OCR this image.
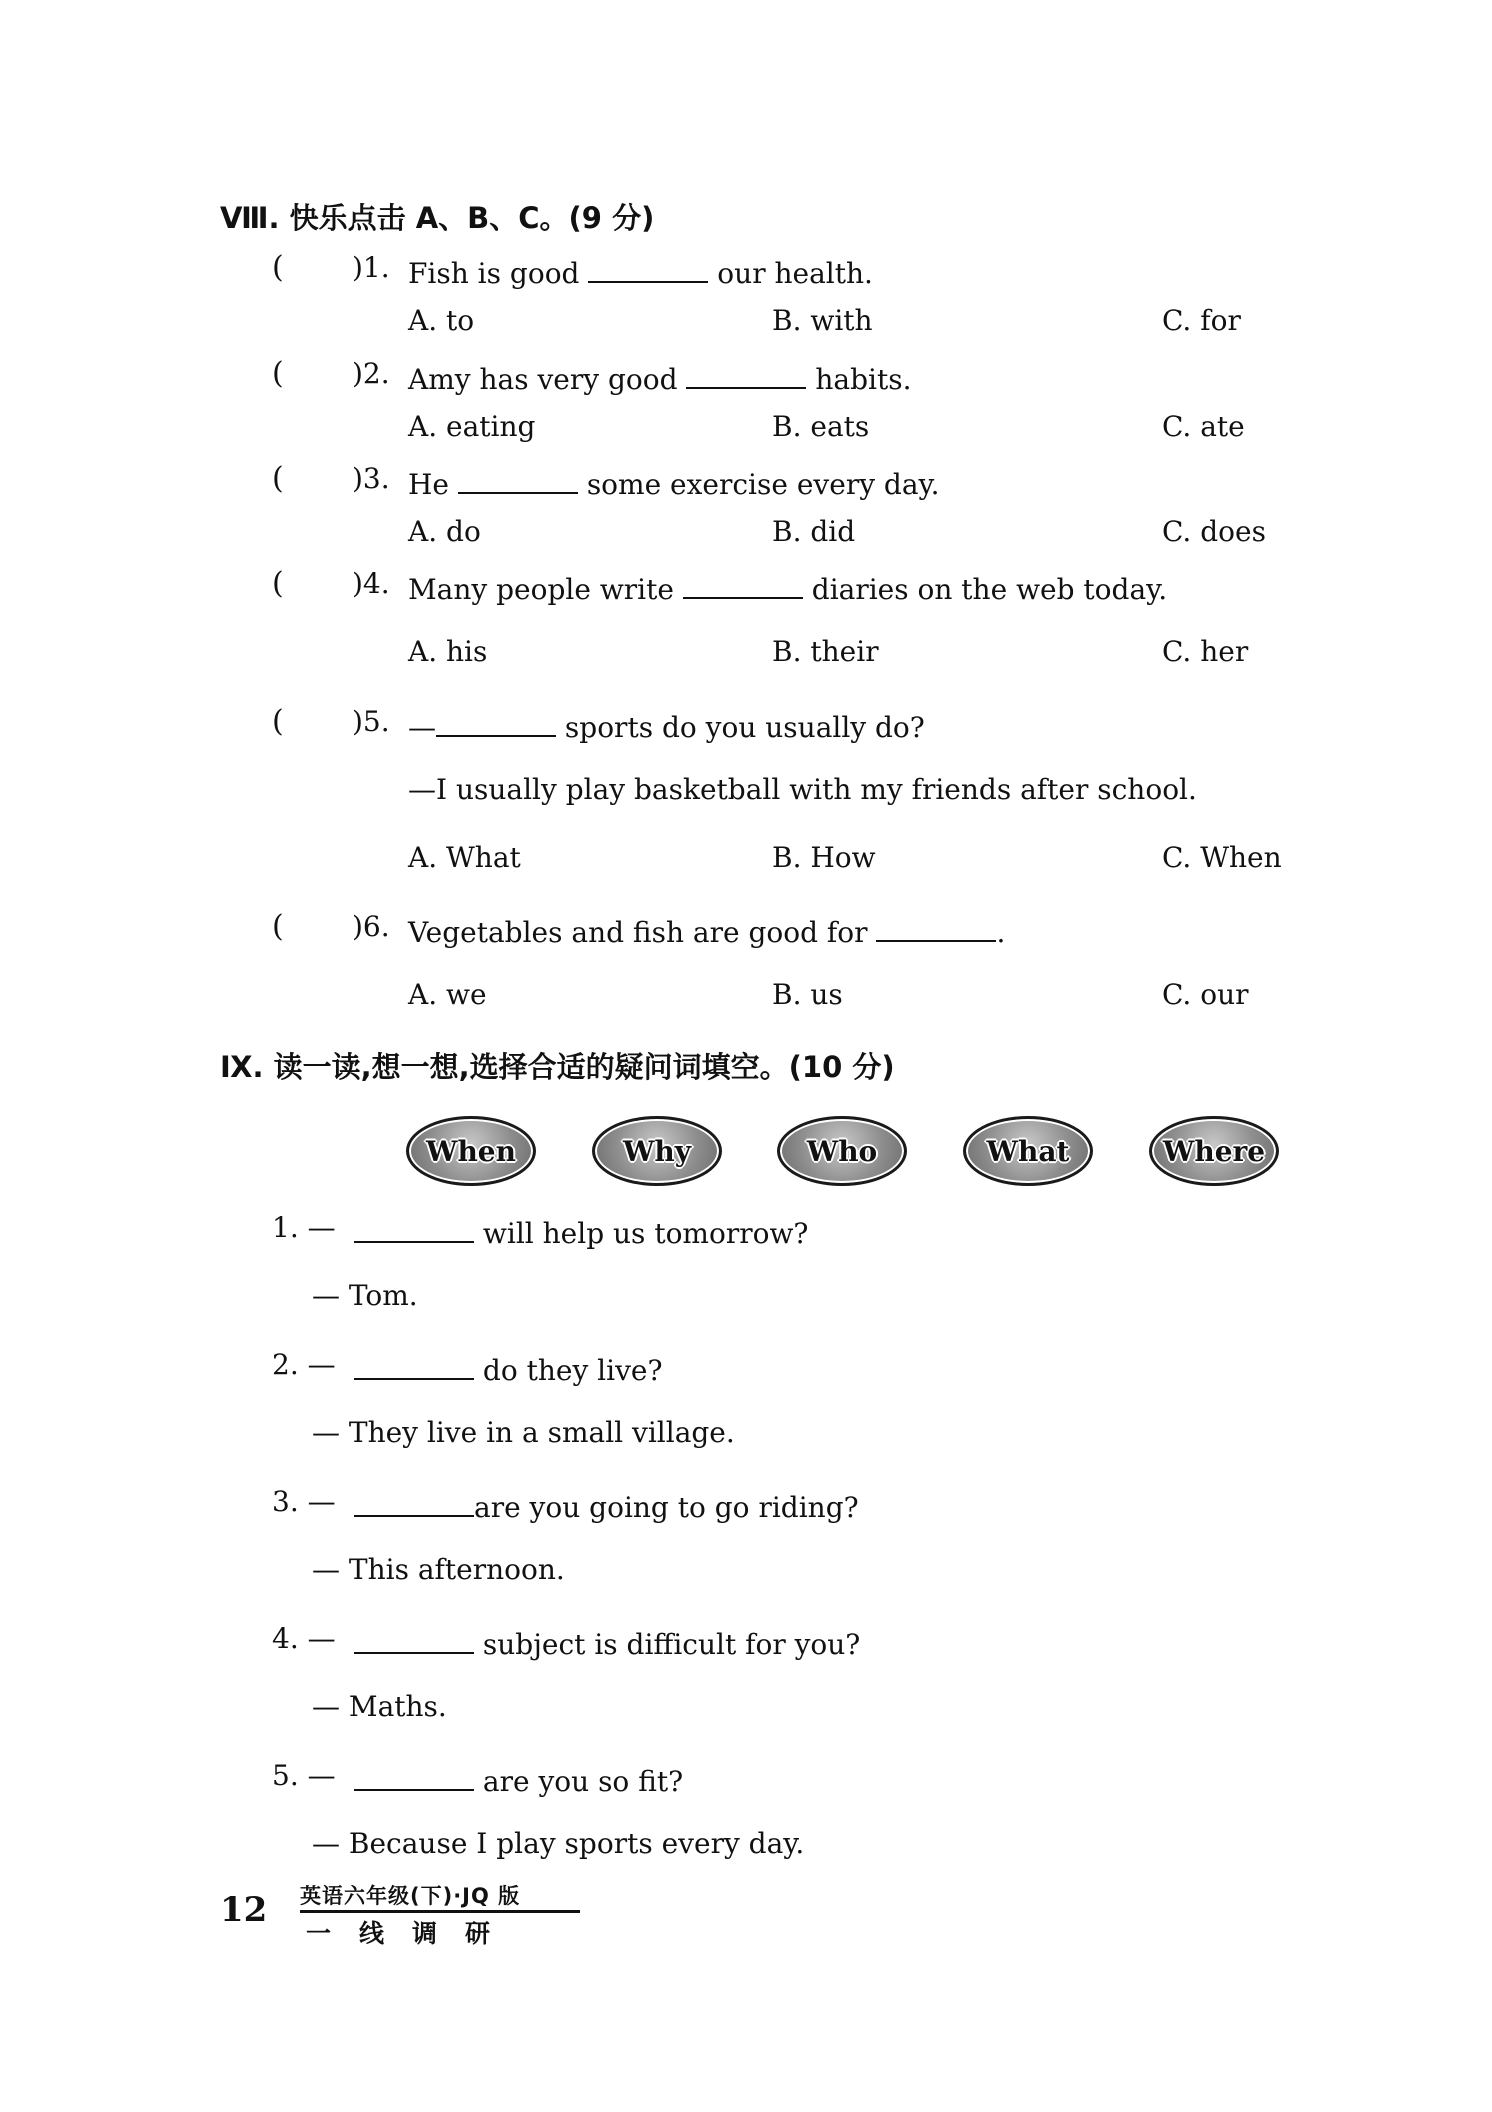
Ⅷ. 快乐点击 A、B、C。(9 分)
( )1. Fish is good	our health.
A. to	B. with	C. for
( )2. Amy has very good	habits.
A. eating	B. eats	C. ate
( )3. He	some exercise every day.
A. do	B. did	C. does
( )4. Many people write	diaries on the web today.
A. his	B. their	C. her
( )5. —	sports do you usually do?
—I usually play basketball with my friends after school.
A. What	B. How	C. When
( )6. Vegetables and fish are good for	.
A. we	B. us	C. our
Ⅸ. 读一读,想一想,选择合适的疑问词填空。(10 分)
When	Why	Who	What	Where
1. —	will help us tomorrow?
— Tom.
2. —	do they live?
— They live in a small village.
3. —	are you going to go riding?
— This afternoon.
4. —	subject is difficult for you?
— Maths.
5. —	are you so fit?
— Because I play sports every day.
12 英语六年级(下)·JQ 版
一线调研
